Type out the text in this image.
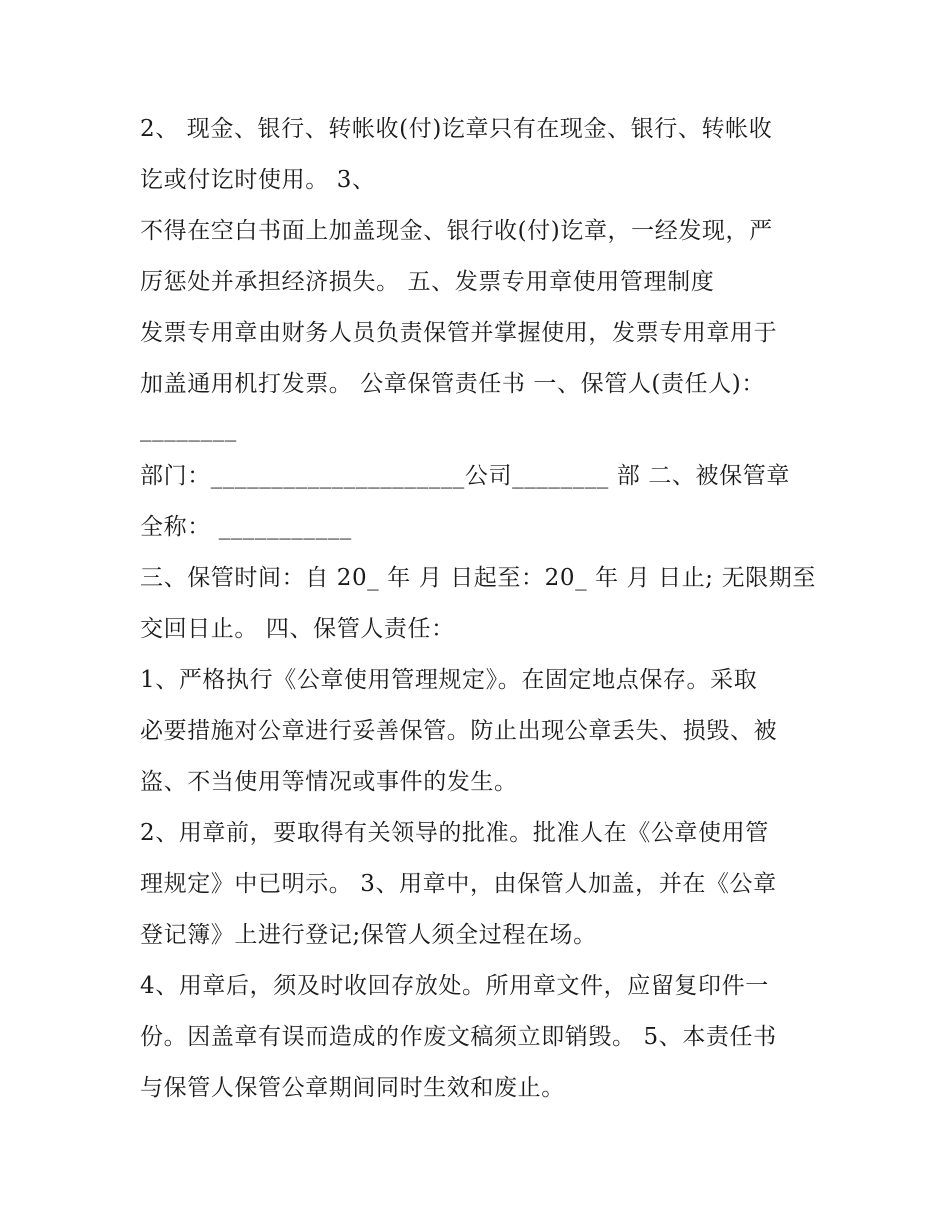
2、 现金、银行、转帐收(付)讫章只有在现金、银行、转帐收
讫或付讫时使用。 3、
不得在空白书面上加盖现金、银行收(付)讫章，一经发现，严
厉惩处并承担经济损失。 五、发票专用章使用管理制度
发票专用章由财务人员负责保管并掌握使用，发票专用章用于
加盖通用机打发票。 公章保管责任书 一、保管人(责任人)：
________
部门：_____________________公司________ 部 二、被保管章
全称： ___________
三、保管时间：自 20_ 年 月 日起至：20_ 年 月 日止; 无限期至
交回日止。 四、保管人责任：
1、严格执行《公章使用管理规定》。在固定地点保存。采取
必要措施对公章进行妥善保管。防止出现公章丢失、损毁、被
盗、不当使用等情况或事件的发生。
2、用章前，要取得有关领导的批准。批准人在《公章使用管
理规定》中已明示。 3、用章中，由保管人加盖，并在《公章
登记簿》上进行登记;保管人须全过程在场。
4、用章后，须及时收回存放处。所用章文件，应留复印件一
份。因盖章有误而造成的作废文稿须立即销毁。 5、本责任书
与保管人保管公章期间同时生效和废止。
